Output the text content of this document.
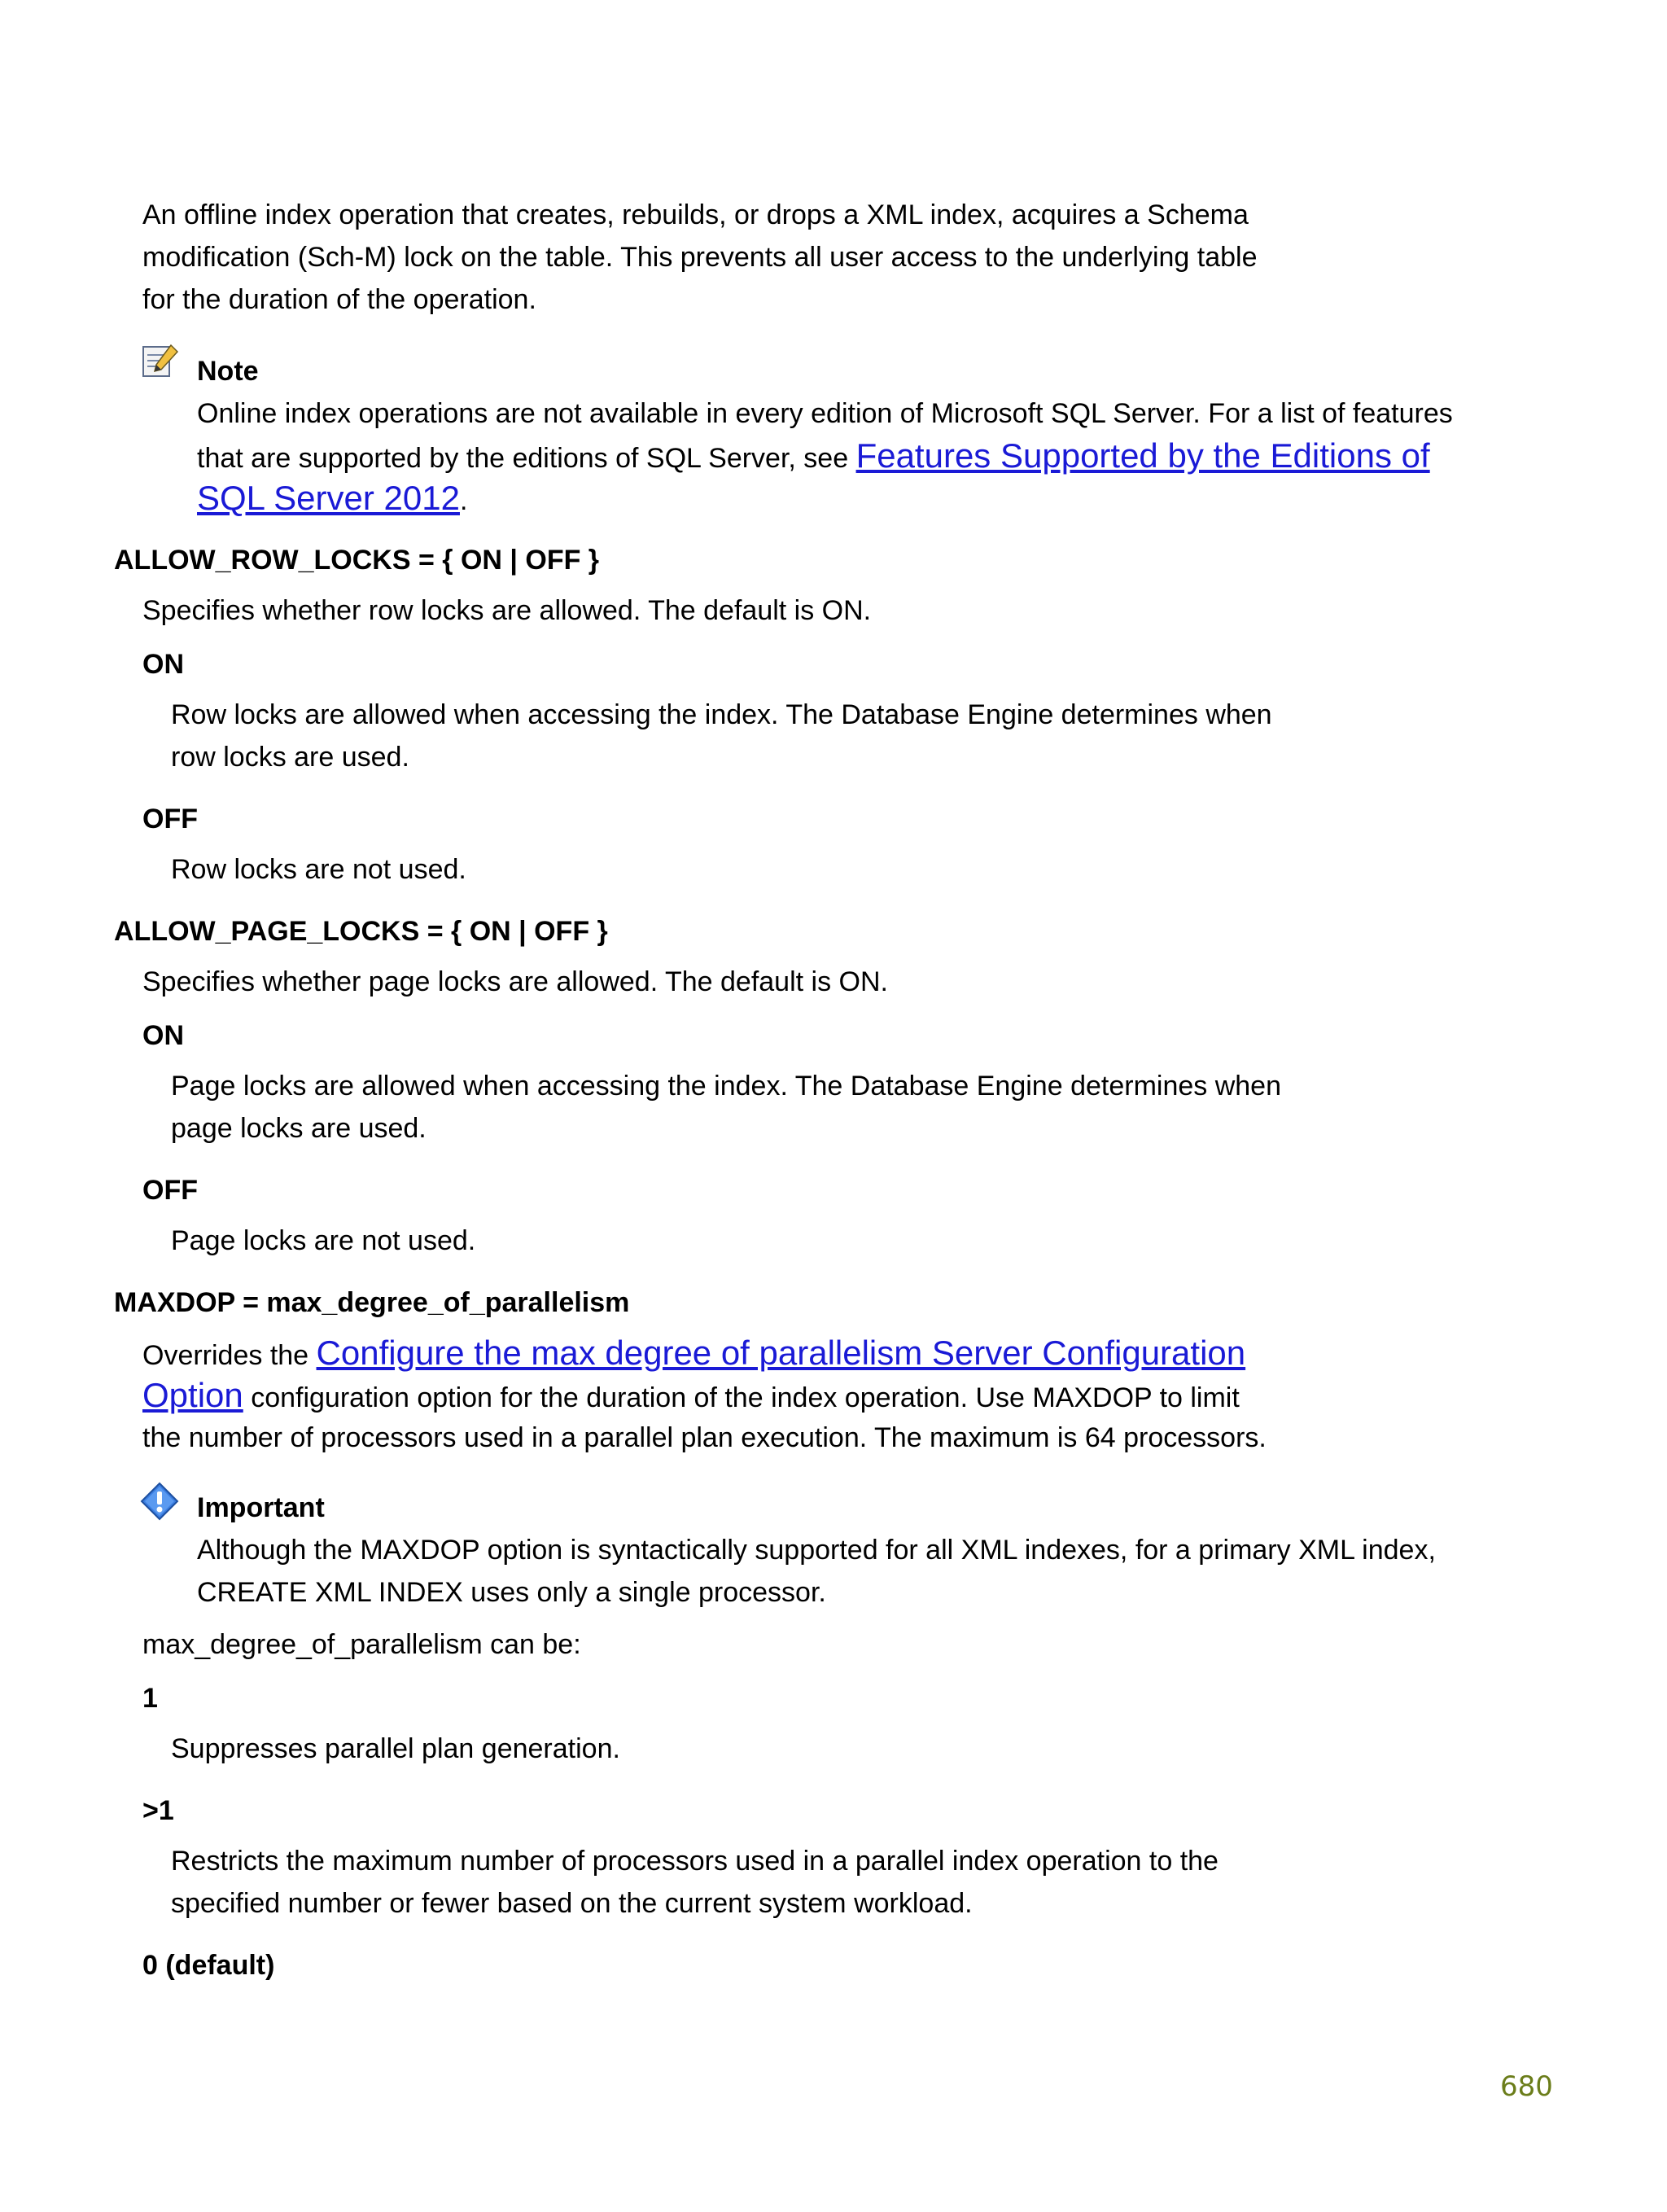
An offline index operation that creates, rebuilds, or drops a XML index, acquires a Schema

modification (Sch-M) lock on the table. This prevents all user access to the underlying table

for the duration of the operation.

Note

Online index operations are not available in every edition of Microsoft SQL Server. For a list of features

that are supported by the editions of SQL Server, see Features Supported by the Editions of

SQL Server 2012.

ALLOW_ROW_LOCKS = { ON | OFF }

Specifies whether row locks are allowed. The default is ON.

ON

Row locks are allowed when accessing the index. The Database Engine determines when

row locks are used.

OFF

Row locks are not used.

ALLOW_PAGE_LOCKS = { ON | OFF }

Specifies whether page locks are allowed. The default is ON.

ON

Page locks are allowed when accessing the index. The Database Engine determines when

page locks are used.

OFF

Page locks are not used.

MAXDOP = max_degree_of_parallelism

Overrides the Configure the max degree of parallelism Server Configuration

Option configuration option for the duration of the index operation. Use MAXDOP to limit

the number of processors used in a parallel plan execution. The maximum is 64 processors.

Important

Although the MAXDOP option is syntactically supported for all XML indexes, for a primary XML index,

CREATE XML INDEX uses only a single processor.

max_degree_of_parallelism can be:

1

Suppresses parallel plan generation.

>1

Restricts the maximum number of processors used in a parallel index operation to the

specified number or fewer based on the current system workload.

0 (default)

680
